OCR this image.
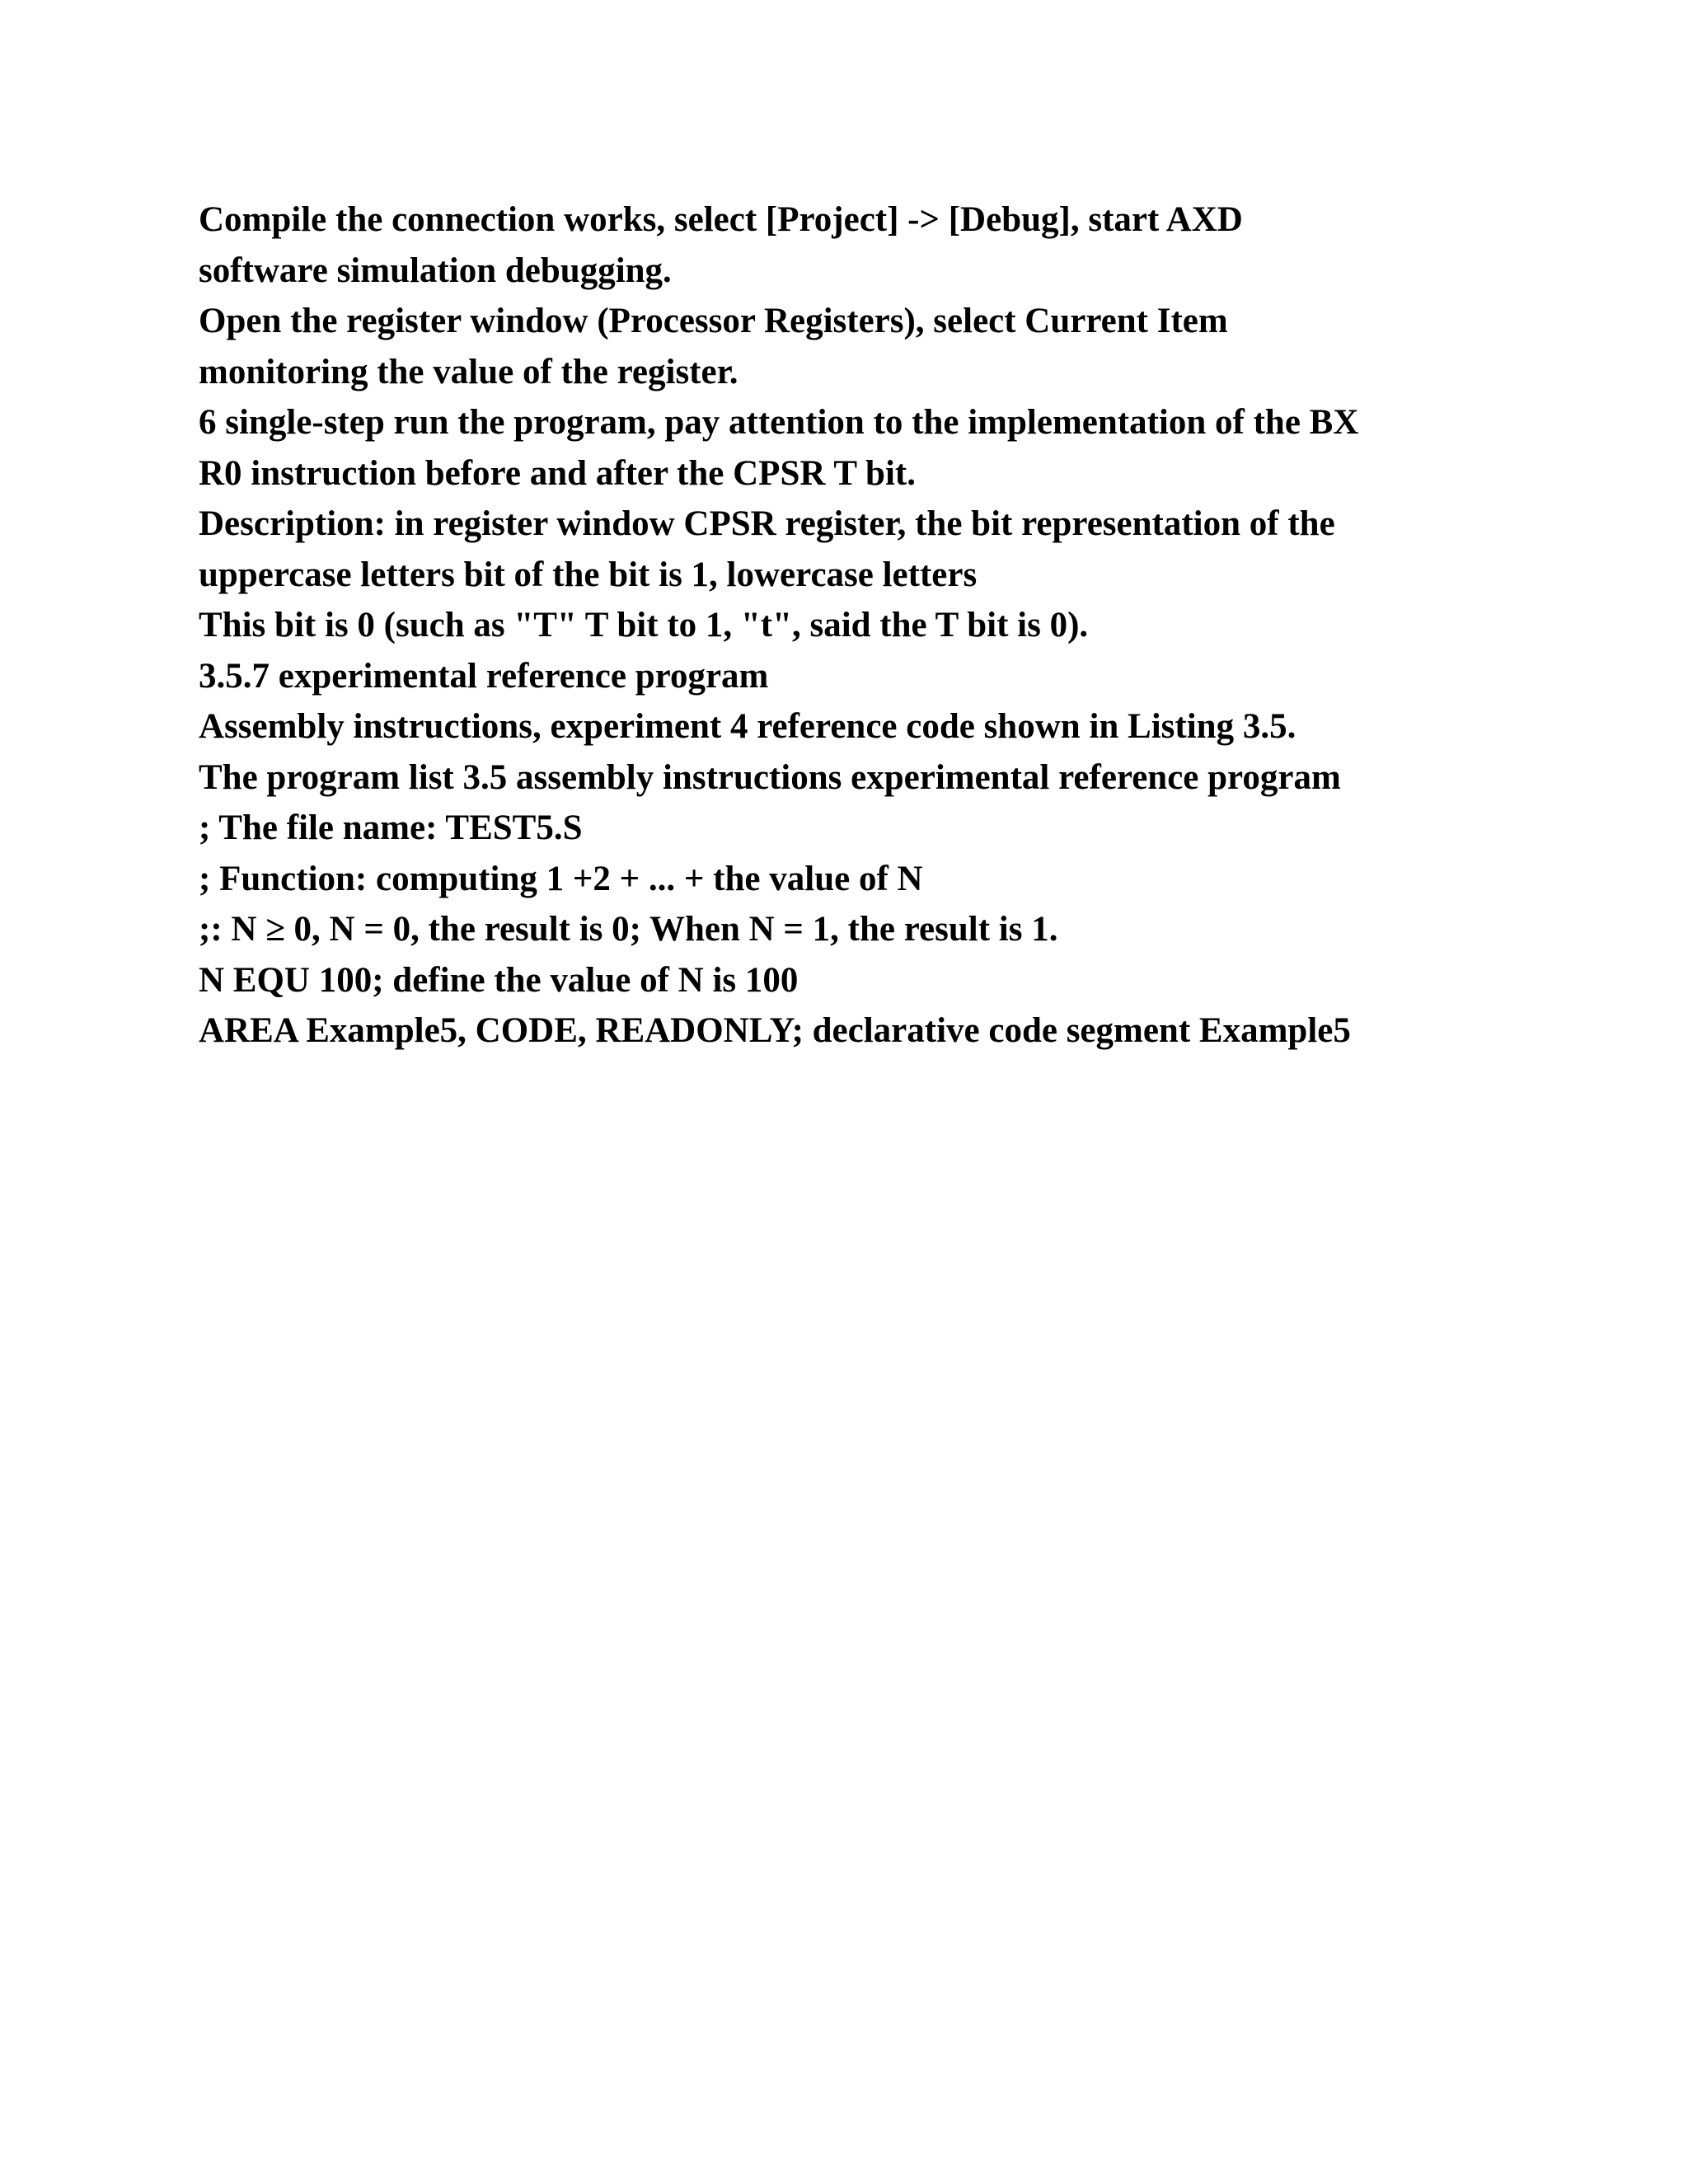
Compile the connection works, select [Project] -> [Debug], start AXD
software simulation debugging.
Open the register window (Processor Registers), select Current Item
monitoring the value of the register.
6 single-step run the program, pay attention to the implementation of the BX
R0 instruction before and after the CPSR T bit.
Description: in register window CPSR register, the bit representation of the
uppercase letters bit of the bit is 1, lowercase letters
This bit is 0 (such as "T" T bit to 1, "t", said the T bit is 0).
3.5.7 experimental reference program
Assembly instructions, experiment 4 reference code shown in Listing 3.5.
The program list 3.5 assembly instructions experimental reference program
; The file name: TEST5.S
; Function: computing 1 +2 + ... + the value of N
;: N ≥ 0, N = 0, the result is 0; When N = 1, the result is 1.
N EQU 100; define the value of N is 100
AREA Example5, CODE, READONLY; declarative code segment Example5
